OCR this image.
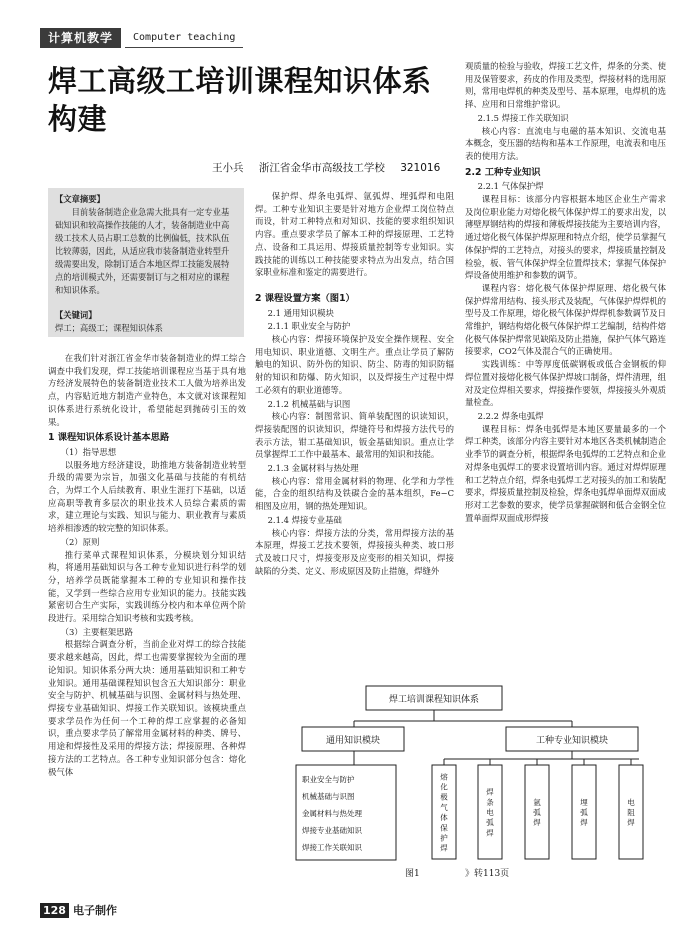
计算机教学	Computer teaching
焊工高级工培训课程知识体系构建
王小兵 浙江省金华市高级技工学校 321016
【文章摘要】

目前装备制造企业急需大批具有一定专业基础知识和较高操作技能的人才，装备制造业中高级工技术人员占职工总数的比例偏低，技术队伍比较薄弱，因此，从适应我市装备制造业转型升级需要出发，除制订适合本地区焊工技能发展特点的培训模式外，还需要制订与之相对应的课程和知识体系。

【关键词】
焊工；高级工；课程知识体系

在我们针对浙江省金华市装备制造业的焊工综合调查中我们发现，焊工技能培训课程应当基于具有地方经济发展特色的装备制造业技术工人做为培养出发点，内容贴近地方制造产业特色，本文就对该课程知识体系进行系统化设计，希望能起到抛砖引玉的效果。

1 课程知识体系设计基本思路
（1）指导思想

以服务地方经济建设，助推地方装备制造业转型升级的需要为宗旨，加强文化基础与技能的有机结合，为焊工个人后续教育、职业生涯打下基础，以适应高职等教育多层次的职业技术人员综合素质的需求，建立理论与实践、知识与能力、职业教育与素质培养相渗透的较完整的知识体系。

（2）原则

推行菜单式课程知识体系，分模块划分知识结构，将通用基础知识与各工种专业知识进行科学的划分，培养学员既能掌握本工种的专业知识和操作技能，又学到一些综合应用专业知识的能力。技能实践紧密切合生产实际，实践训练分校内和本单位两个阶段进行。采用综合知识考核和实践考核。

（3）主要框架思路

根据综合调查分析，当前企业对焊工的综合技能要求越来越高，因此，焊工也需要掌握较为全面的理论知识。知识体系分两大块：通用基础知识和工种专业知识。通用基础课程知识包含五大知识部分：职业安全与防护、机械基础与识图、金属材料与热处理、焊接专业基础知识、焊接工作关联知识。该模块重点要求学员作为任何一个工种的焊工应掌握的必备知识，重点要求学员了解常用金属材料的种类、牌号、用途和焊接性及采用的焊接方法；焊接原理、各种焊接方法的工艺特点。各工种专业知识部分包含：熔化极气体

保护焊、焊条电弧焊、氩弧焊、埋弧焊和电阻焊。工种专业知识主要是针对地方企业焊工岗位特点而设，针对工种特点和对知识、技能的要求组织知识内容。重点要求学员了解本工种的焊接原理、工艺特点、设备和工具运用、焊接质量控制等专业知识。实践技能的训练以工种技能要求特点为出发点，结合国家职业标准和鉴定的需要进行。

2 课程设置方案（图1）
2.1 通用知识模块
2.1.1 职业安全与防护

核心内容：焊接环境保护及安全操作规程、安全用电知识、职业道德、文明生产。重点让学员了解防触电的知识、防外伤的知识、防尘、防毒的知识防辐射的知识和防爆、防火知识，以及焊接生产过程中焊工必须有的职业道德等。

2.1.2 机械基础与识图

核心内容：制图常识、简单装配图的识读知识，焊接装配图的识读知识，焊缝符号和焊接方法代号的表示方法，钳工基础知识，钣金基础知识。重点让学员掌握焊工工作中最基本、最常用的知识和技能。

2.1.3 金属材料与热处理

核心内容：常用金属材料的物理、化学和力学性能，合金的组织结构及铁碳合金的基本组织，Fe−C相图及应用，钢的热处理知识。

2.1.4 焊接专业基础

核心内容：焊接方法的分类，常用焊接方法的基本原理，焊接工艺技术要领，焊接接头种类、坡口形式及坡口尺寸，焊接变形及应变形的相关知识，焊接缺陷的分类、定义、形成原因及防止措施，焊缝外

观质量的检验与验收，焊接工艺文件，焊条的分类、使用及保管要求，药皮的作用及类型，焊接材料的选用原则，常用电焊机的种类及型号、基本原理，电焊机的选择、应用和日常维护常识。

2.1.5 焊接工作关联知识

核心内容：直流电与电磁的基本知识、交流电基本概念，变压器的结构和基本工作原理，电流表和电压表的使用方法。

2.2 工种专业知识
2.2.1 气体保护焊

课程目标：该部分内容根据本地区企业生产需求及岗位职业能力对熔化极气体保护焊工的要求出发，以薄壁厚钢结构的焊接和薄板焊接技能为主要培训内容，通过熔化极气体保护焊原理和特点介绍，使学员掌握气体保护焊的工艺特点，对接头的要求，焊接质量控制及检验，板、管气体保护焊全位置焊技术；掌握气体保护焊设备使用维护和参数的调节。

课程内容：熔化极气体保护焊原理、熔化极气体保护焊常用结构、接头形式及装配，气体保护焊焊机的型号及工作原理，熔化极气体保护焊焊机参数调节及日常维护，钢结构熔化极气体保护焊工艺编制，结构件熔化极气体保护焊常见缺陷及防止措施，保护气体气路连接要求，CO2气体及混合气的正确使用。

实践训练：中等厚度低碳钢板或低合金钢板的仰焊位置对接熔化极气体保护焊坡口制备，焊件清理，组对及定位焊相关要求，焊接操作要领，焊接接头外观质量检查。

2.2.2 焊条电弧焊

课程目标：焊条电弧焊是本地区要量最多的一个焊工种类，该部分内容主要针对本地区各类机械制造企业季节的调查分析，根据焊条电弧焊的工艺特点和企业对焊条电弧焊工的要求设置培训内容。通过对焊焊原理和工艺特点介绍，焊条电弧焊工艺对接头的加工和装配要求，焊接质量控制及检验，焊条电弧焊单面焊双面成形对工艺参数的要求，使学员掌握碳钢和低合金钢全位置单面焊双面成形焊接

焊工培训课程知识体系
通用知识模块	工种专业知识模块
职业安全与防护
机械基础与识图
金属材料与热处理
焊接专业基础知识
焊接工作关联知识
熔
化
极
气
体
保
护
焊
焊
条
电
弧
焊
氩
弧
焊
埋
弧
焊
电
阻
焊
图1	》转113页
128 电子制作
